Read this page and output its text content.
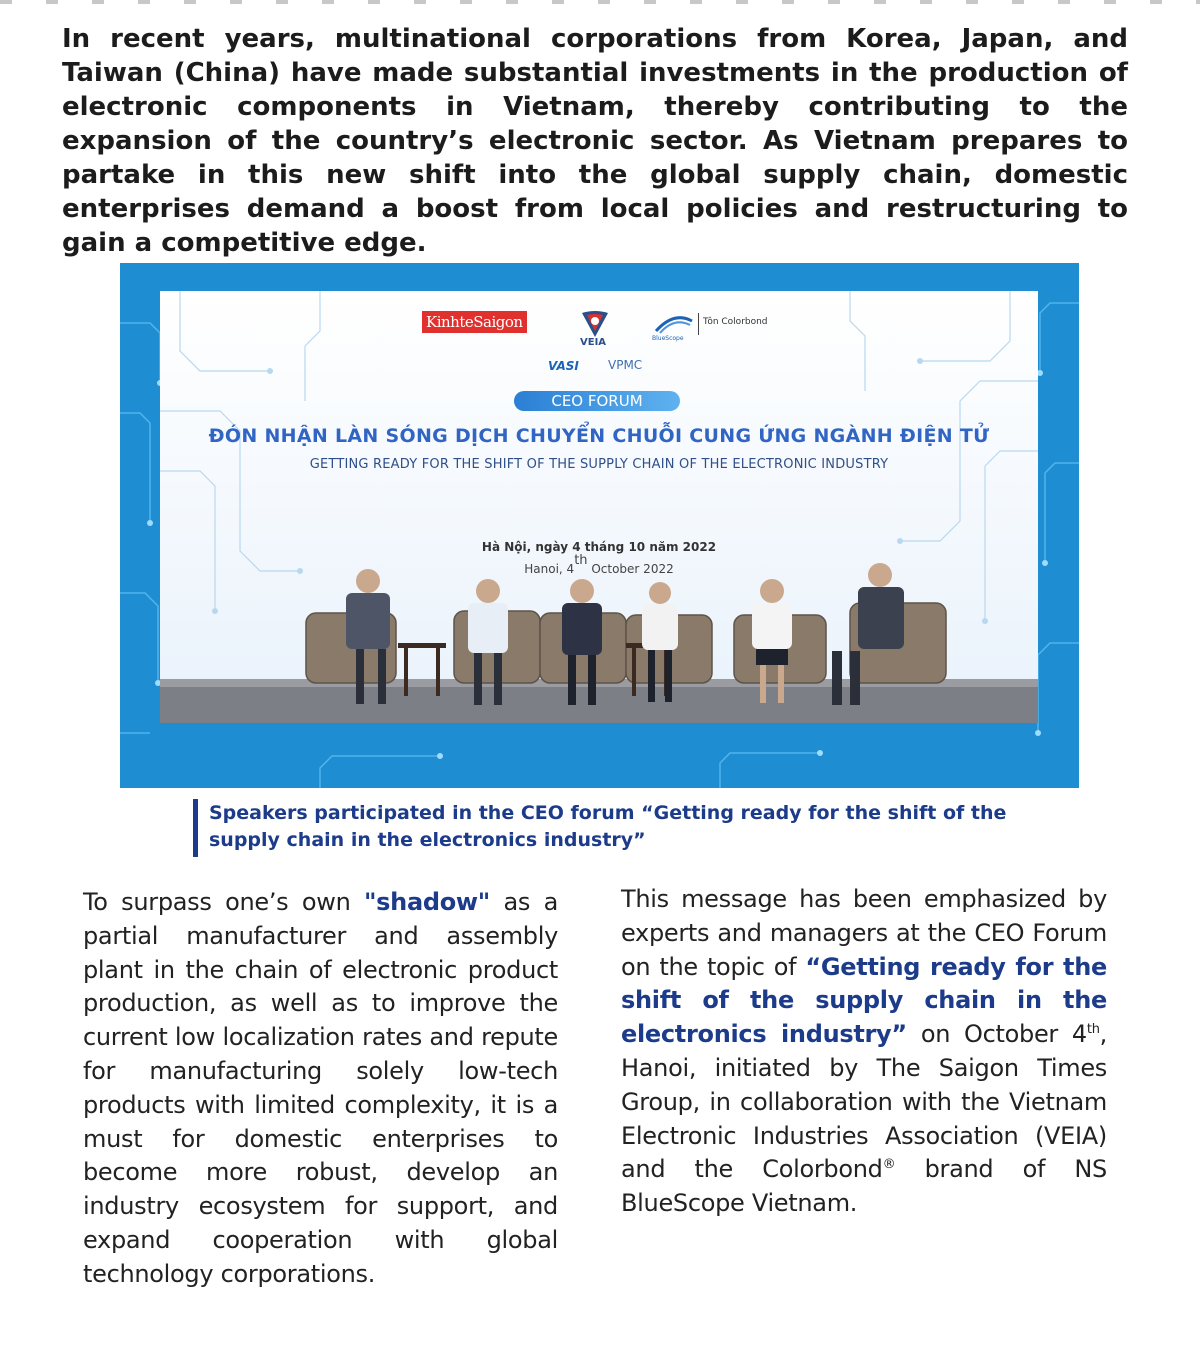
In recent years, multinational corporations from Korea, Japan, and Taiwan (China) have made substantial investments in the production of electronic components in Vietnam, thereby contributing to the expansion of the country’s electronic sector. As Vietnam prepares to partake in this new shift into the global supply chain, domestic enterprises demand a boost from local policies and restructuring to gain a competitive edge.

KinhteSaigon
VEIA	BlueScope
Tôn Colorbond
VASI VPMC
CEO FORUM
ĐÓN NHẬN LÀN SÓNG DỊCH CHUYỂN CHUỖI CUNG ỨNG NGÀNH ĐIỆN TỬ
GETTING READY FOR THE SHIFT OF THE SUPPLY CHAIN OF THE ELECTRONIC INDUSTRY
Hà Nội, ngày 4 tháng 10 năm 2022
Hanoi, 4th October 2022

Speakers participated in the CEO forum “Getting ready for the shift of the supply chain in the electronics industry”

To surpass one’s own "shadow" as a partial manufacturer and assembly plant in the chain of electronic product production, as well as to improve the current low localization rates and repute for manufacturing solely low-tech products with limited complexity, it is a must for domestic enterprises to become more robust, develop an industry ecosystem for support, and expand cooperation with global technology corporations.

This message has been emphasized by experts and managers at the CEO Forum on the topic of “Getting ready for the shift of the supply chain in the electronics industry” on October 4th, Hanoi, initiated by The Saigon Times Group, in collaboration with the Vietnam Electronic Industries Association (VEIA) and the Colorbond® brand of NS BlueScope Vietnam.
